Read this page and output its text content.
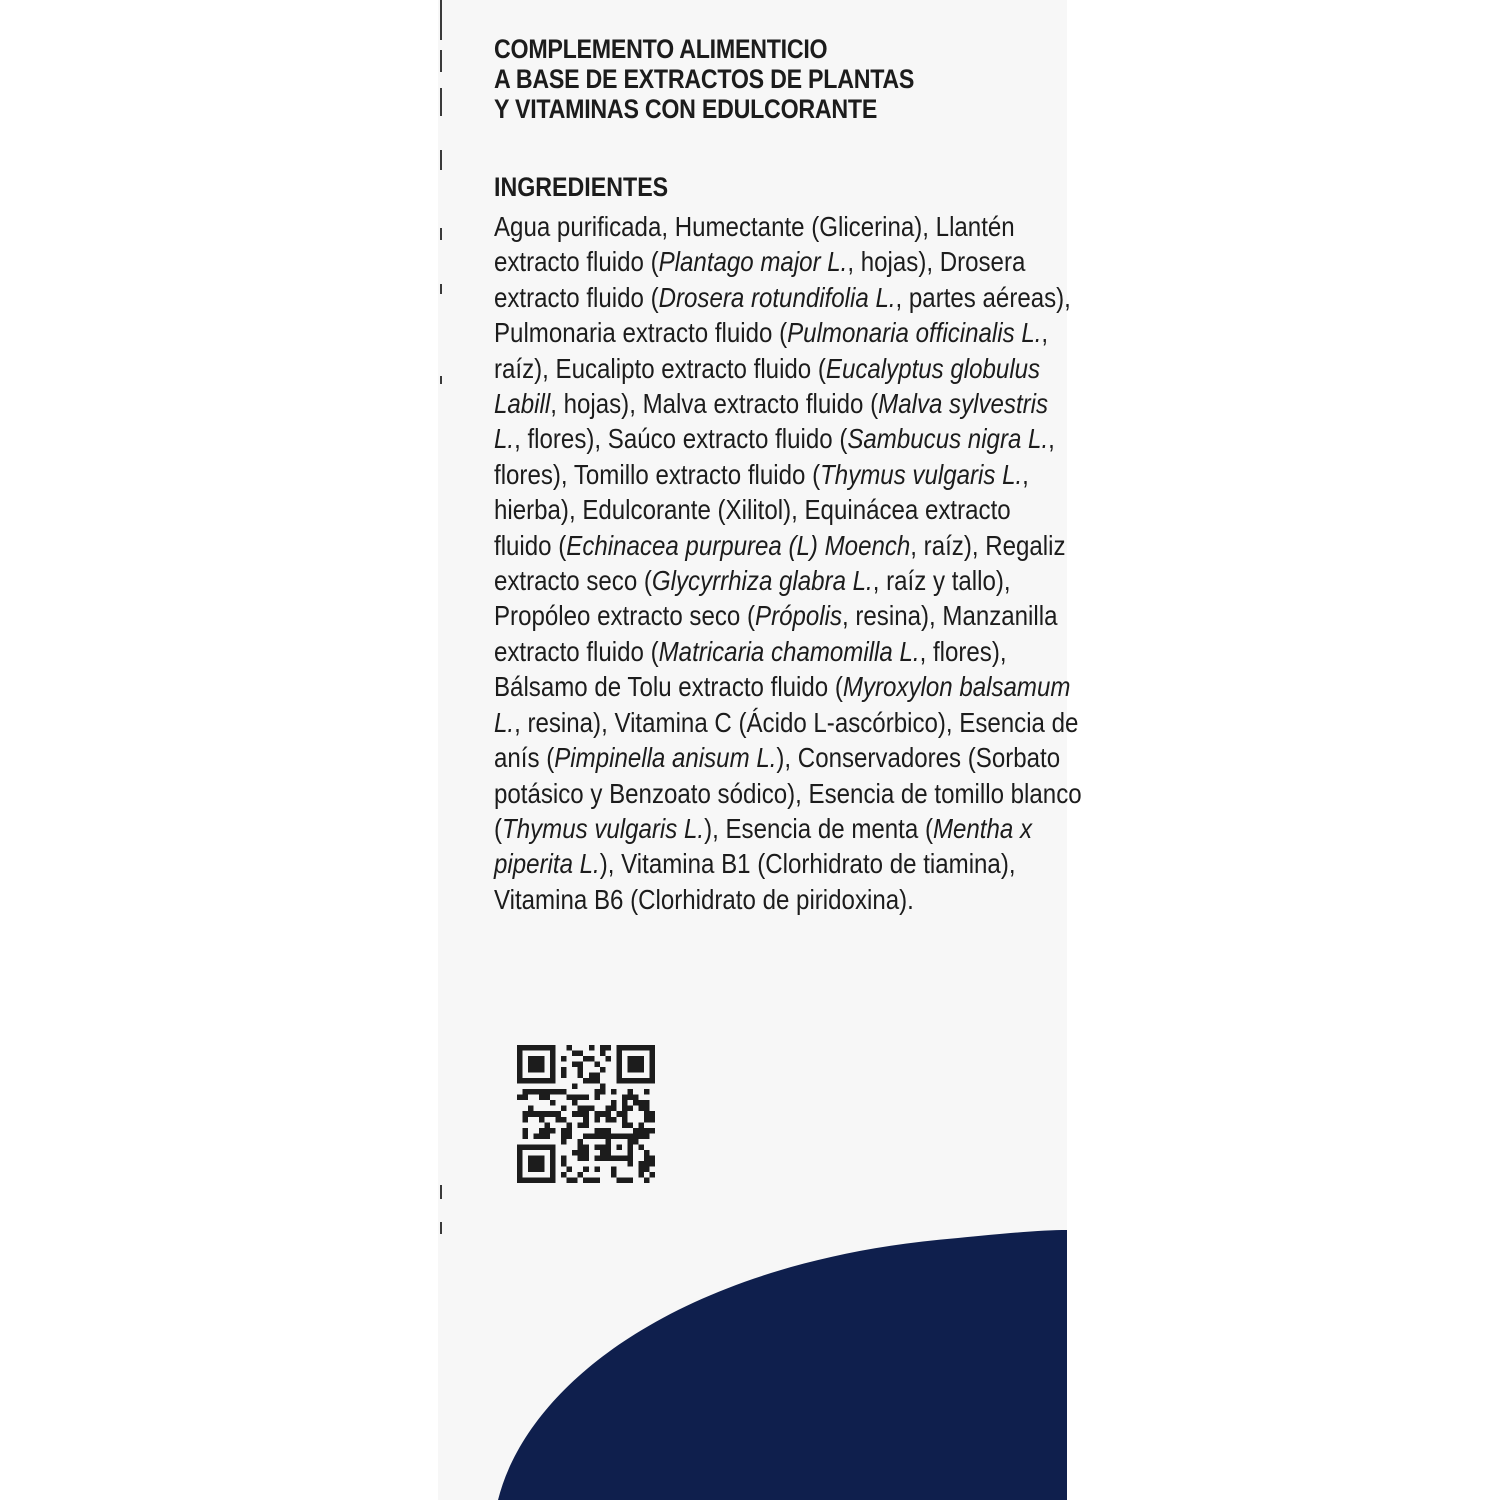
COMPLEMENTO ALIMENTICIO
A BASE DE EXTRACTOS DE PLANTAS
Y VITAMINAS CON EDULCORANTE
INGREDIENTES
Agua purificada, Humectante (Glicerina), Llantén
extracto fluido (Plantago major L., hojas), Drosera
extracto fluido (Drosera rotundifolia L., partes aéreas),
Pulmonaria extracto fluido (Pulmonaria officinalis L.,
raíz), Eucalipto extracto fluido (Eucalyptus globulus
Labill, hojas), Malva extracto fluido (Malva sylvestris
L., flores), Saúco extracto fluido (Sambucus nigra L.,
flores), Tomillo extracto fluido (Thymus vulgaris L.,
hierba), Edulcorante (Xilitol), Equinácea extracto
fluido (Echinacea purpurea (L) Moench, raíz), Regaliz
extracto seco (Glycyrrhiza glabra L., raíz y tallo),
Propóleo extracto seco (Própolis, resina), Manzanilla
extracto fluido (Matricaria chamomilla L., flores),
Bálsamo de Tolu extracto fluido (Myroxylon balsamum
L., resina), Vitamina C (Ácido L-ascórbico), Esencia de
anís (Pimpinella anisum L.), Conservadores (Sorbato
potásico y Benzoato sódico), Esencia de tomillo blanco
(Thymus vulgaris L.), Esencia de menta (Mentha x
piperita L.), Vitamina B1 (Clorhidrato de tiamina),
Vitamina B6 (Clorhidrato de piridoxina).
